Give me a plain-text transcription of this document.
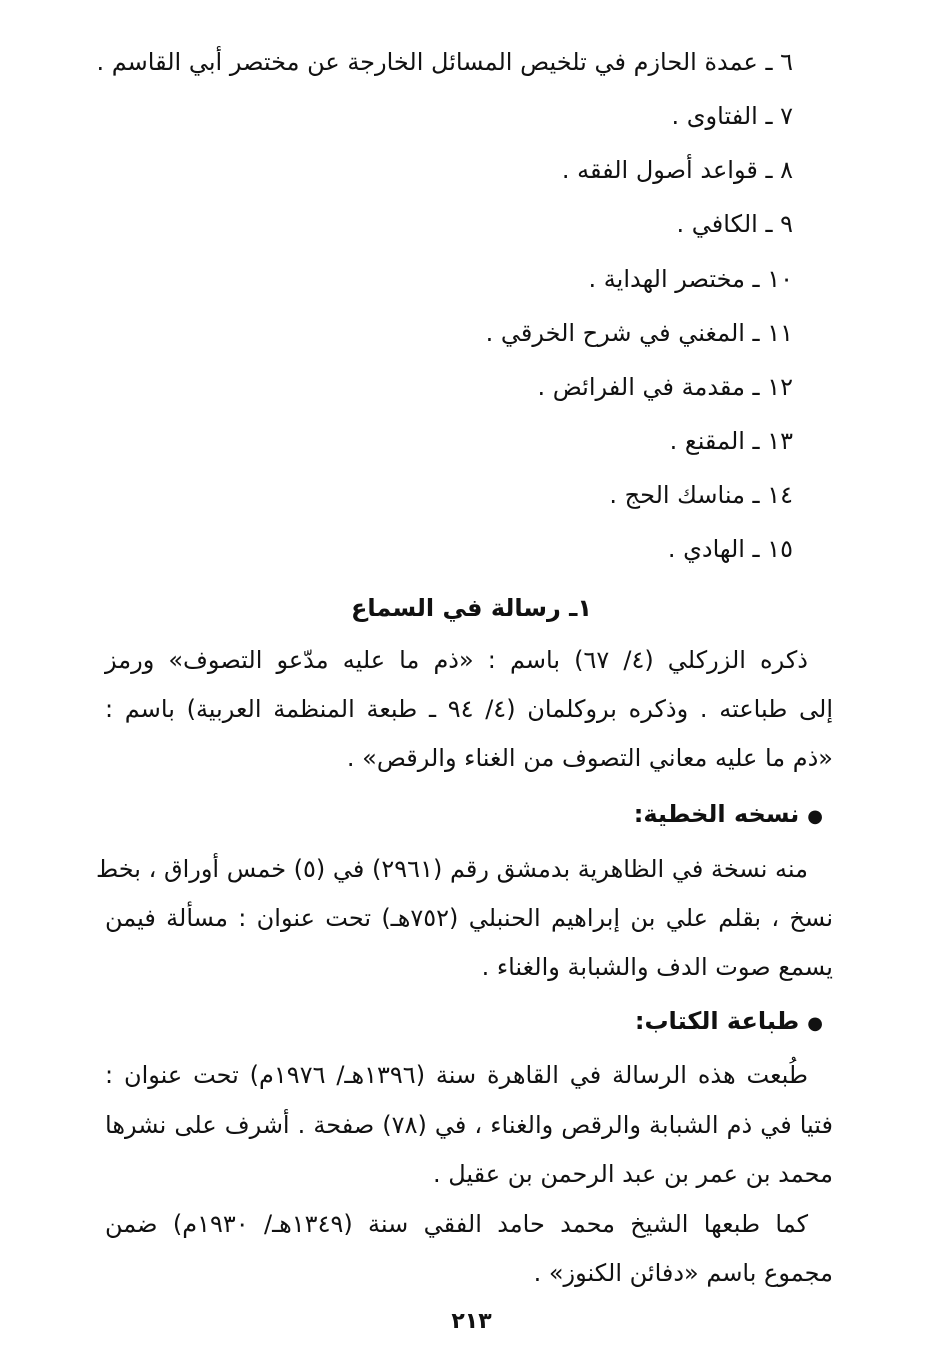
٦ ـ عمدة الحازم في تلخيص المسائل الخارجة عن مختصر أبي القاسم .

٧ ـ الفتاوى .

٨ ـ قواعد أصول الفقه .

٩ ـ الكافي .

١٠ ـ مختصر الهداية .

١١ ـ المغني في شرح الخرقي .

١٢ ـ مقدمة في الفرائض .

١٣ ـ المقنع .

١٤ ـ مناسك الحج .

١٥ ـ الهادي .

١ـ رسالة في السماع

ذكره الزركلي (٤/ ٦٧) باسم : «ذم ما عليه مدّعو التصوف» ورمز

إلى طباعته . وذكره بروكلمان (٤/ ٩٤ ـ طبعة المنظمة العربية) باسم :

«ذم ما عليه معاني التصوف من الغناء والرقص» .

●نسخه الخطية:

منه نسخة في الظاهرية بدمشق رقم (٢٩٦١) في (٥) خمس أوراق ، بخط

نسخ ، بقلم علي بن إبراهيم الحنبلي (٧٥٢هـ) تحت عنوان : مسألة فيمن

يسمع صوت الدف والشبابة والغناء .

●طباعة الكتاب:

طُبعت هذه الرسالة في القاهرة سنة (١٣٩٦هـ/ ١٩٧٦م) تحت عنوان :

فتيا في ذم الشبابة والرقص والغناء ، في (٧٨) صفحة . أشرف على نشرها

محمد بن عمر بن عبد الرحمن بن عقيل .

كما طبعها الشيخ محمد حامد الفقي سنة (١٣٤٩هـ/ ١٩٣٠م) ضمن

مجموع باسم «دفائن الكنوز» .

٢١٣
